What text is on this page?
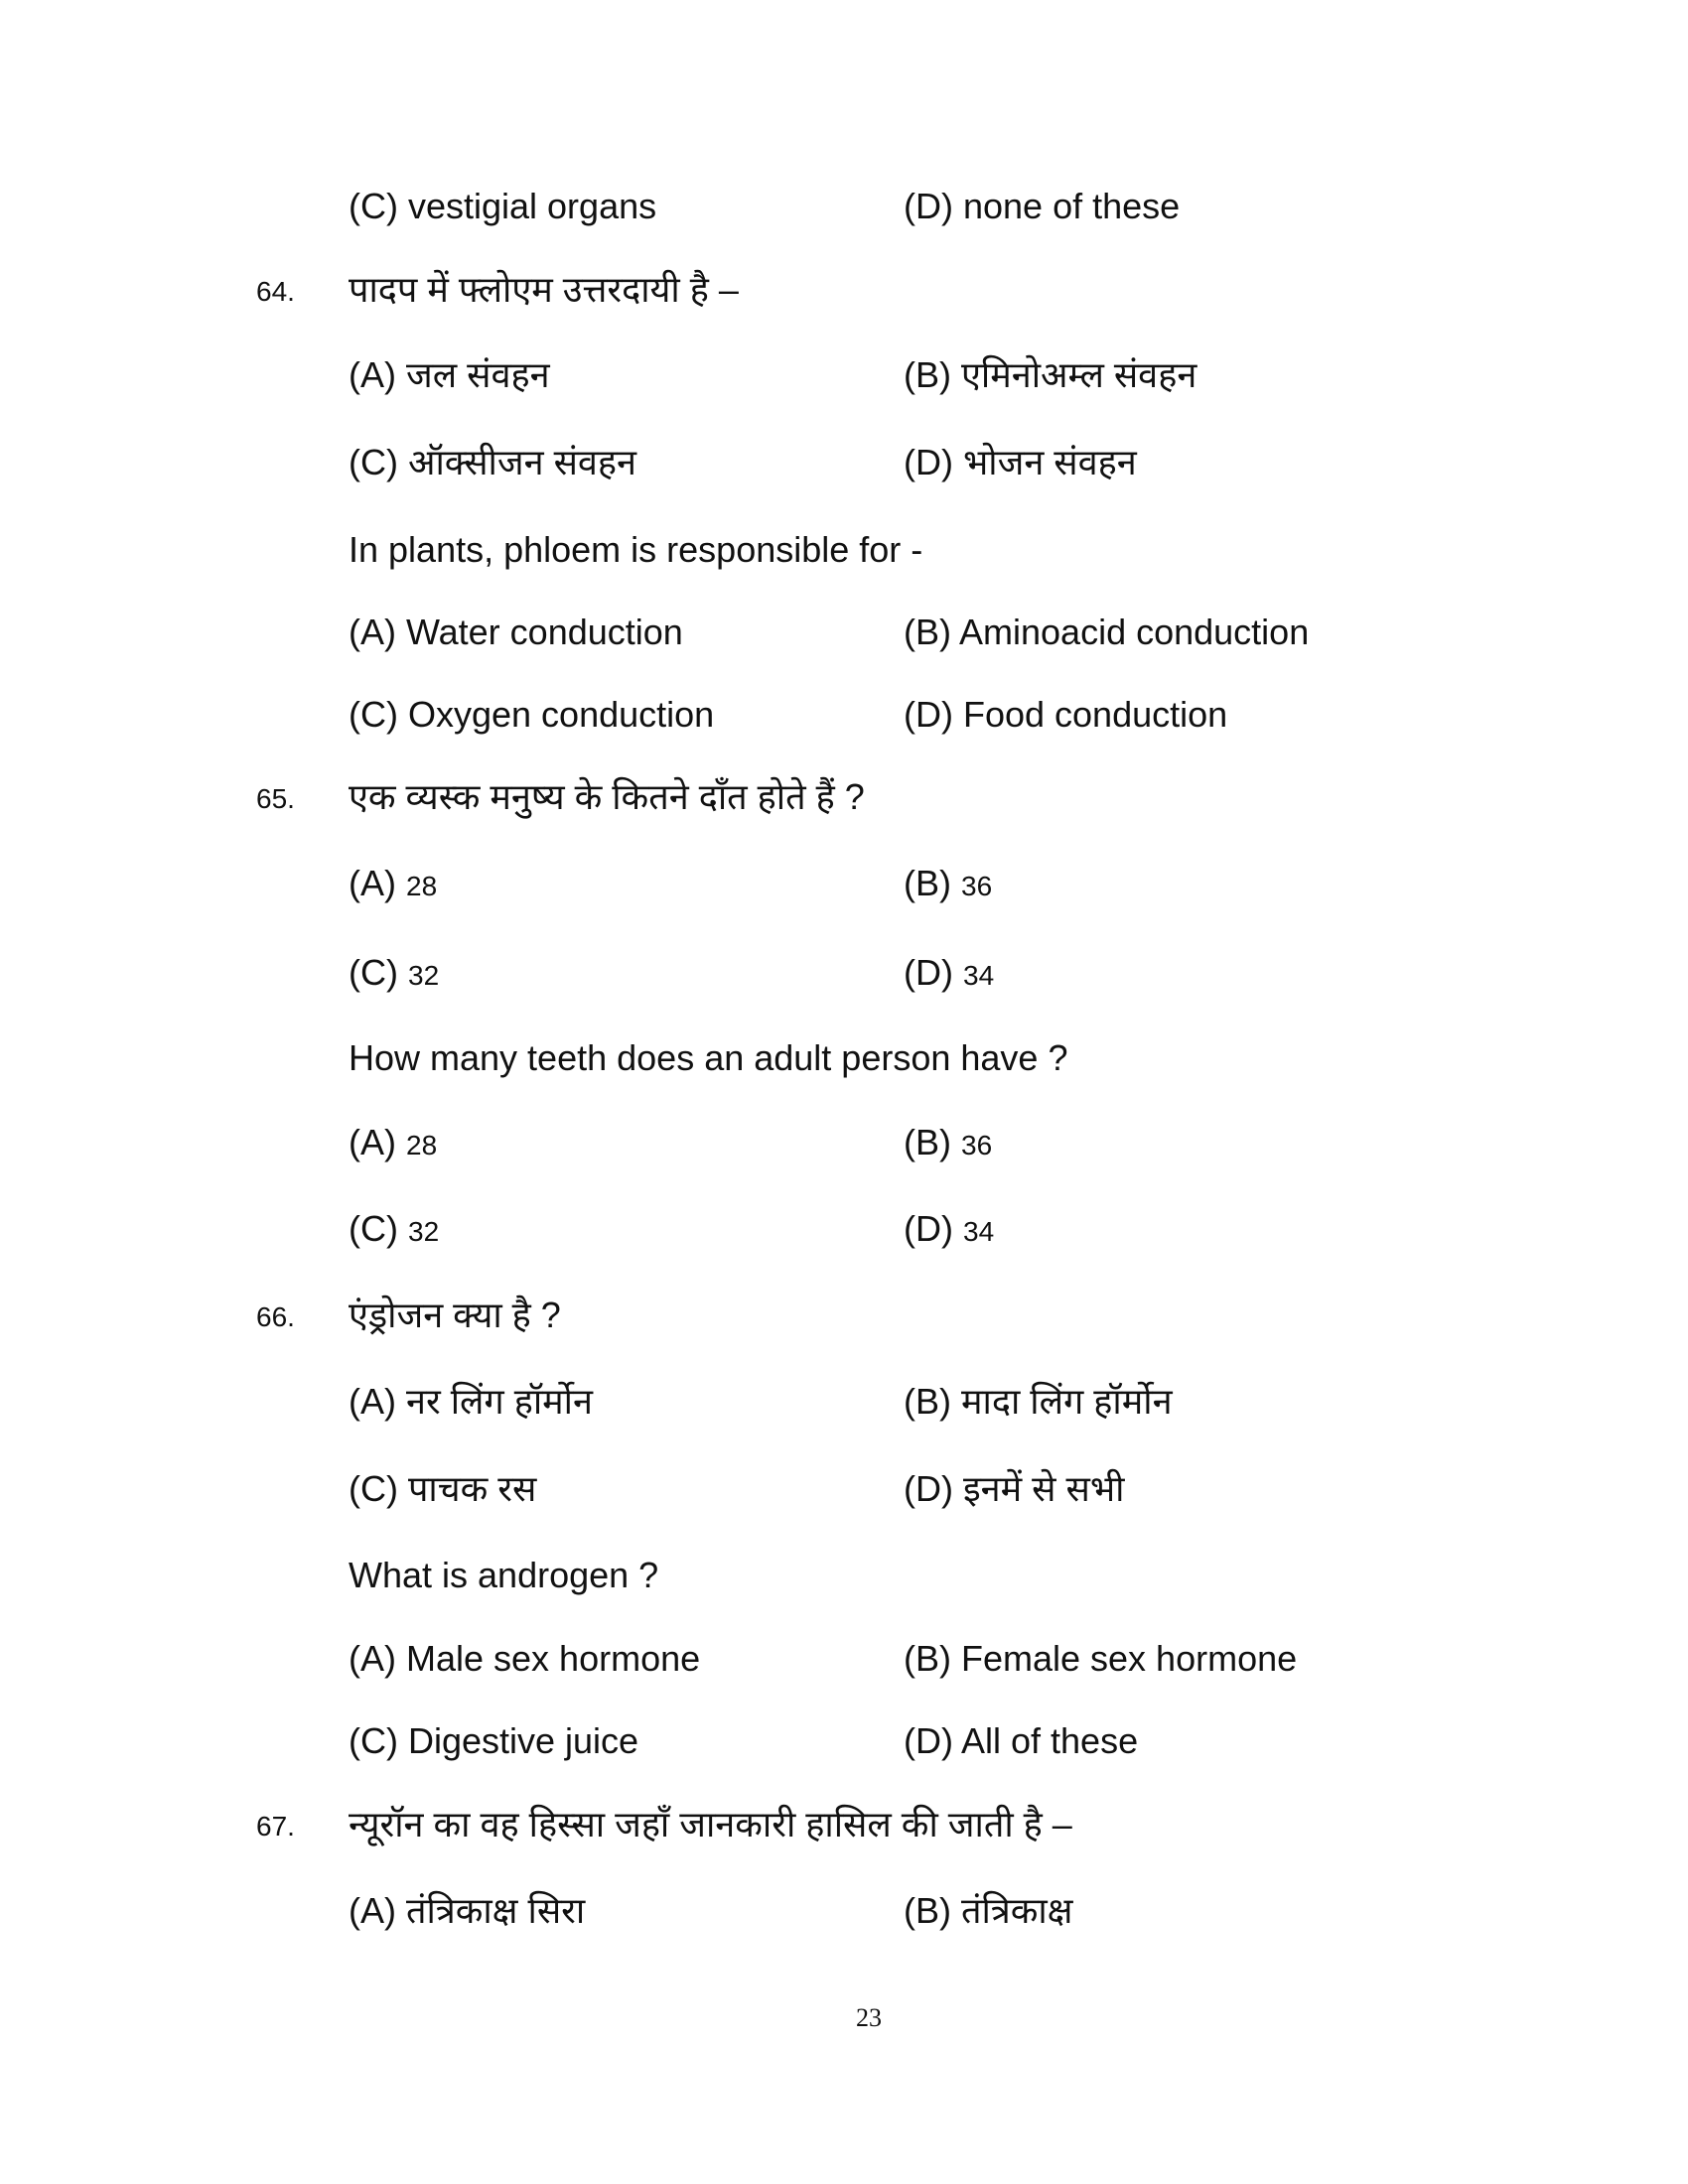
(C) vestigial organs	(D) none of these
64. पादप में फ्लोएम उत्तरदायी है –
(A) जल संवहन	(B) एमिनोअम्ल संवहन
(C) ऑक्सीजन संवहन	(D) भोजन संवहन
In plants, phloem is responsible for -
(A) Water conduction	(B) Aminoacid conduction
(C) Oxygen conduction	(D) Food conduction
65. एक व्यस्क मनुष्य के कितने दाँत होते हैं ?
(A) 28	(B) 36
(C) 32	(D) 34
How many teeth does an adult person have ?
(A) 28	(B) 36
(C) 32	(D) 34
66. एंड्रोजन क्या है ?
(A) नर लिंग हॉर्मोन	(B) मादा लिंग हॉर्मोन
(C) पाचक रस	(D) इनमें से सभी
What is androgen ?
(A) Male sex hormone	(B) Female sex hormone
(C) Digestive juice	(D) All of these
67. न्यूरॉन का वह हिस्सा जहाँ जानकारी हासिल की जाती है –
(A) तंत्रिकाक्ष सिरा	(B) तंत्रिकाक्ष
23
